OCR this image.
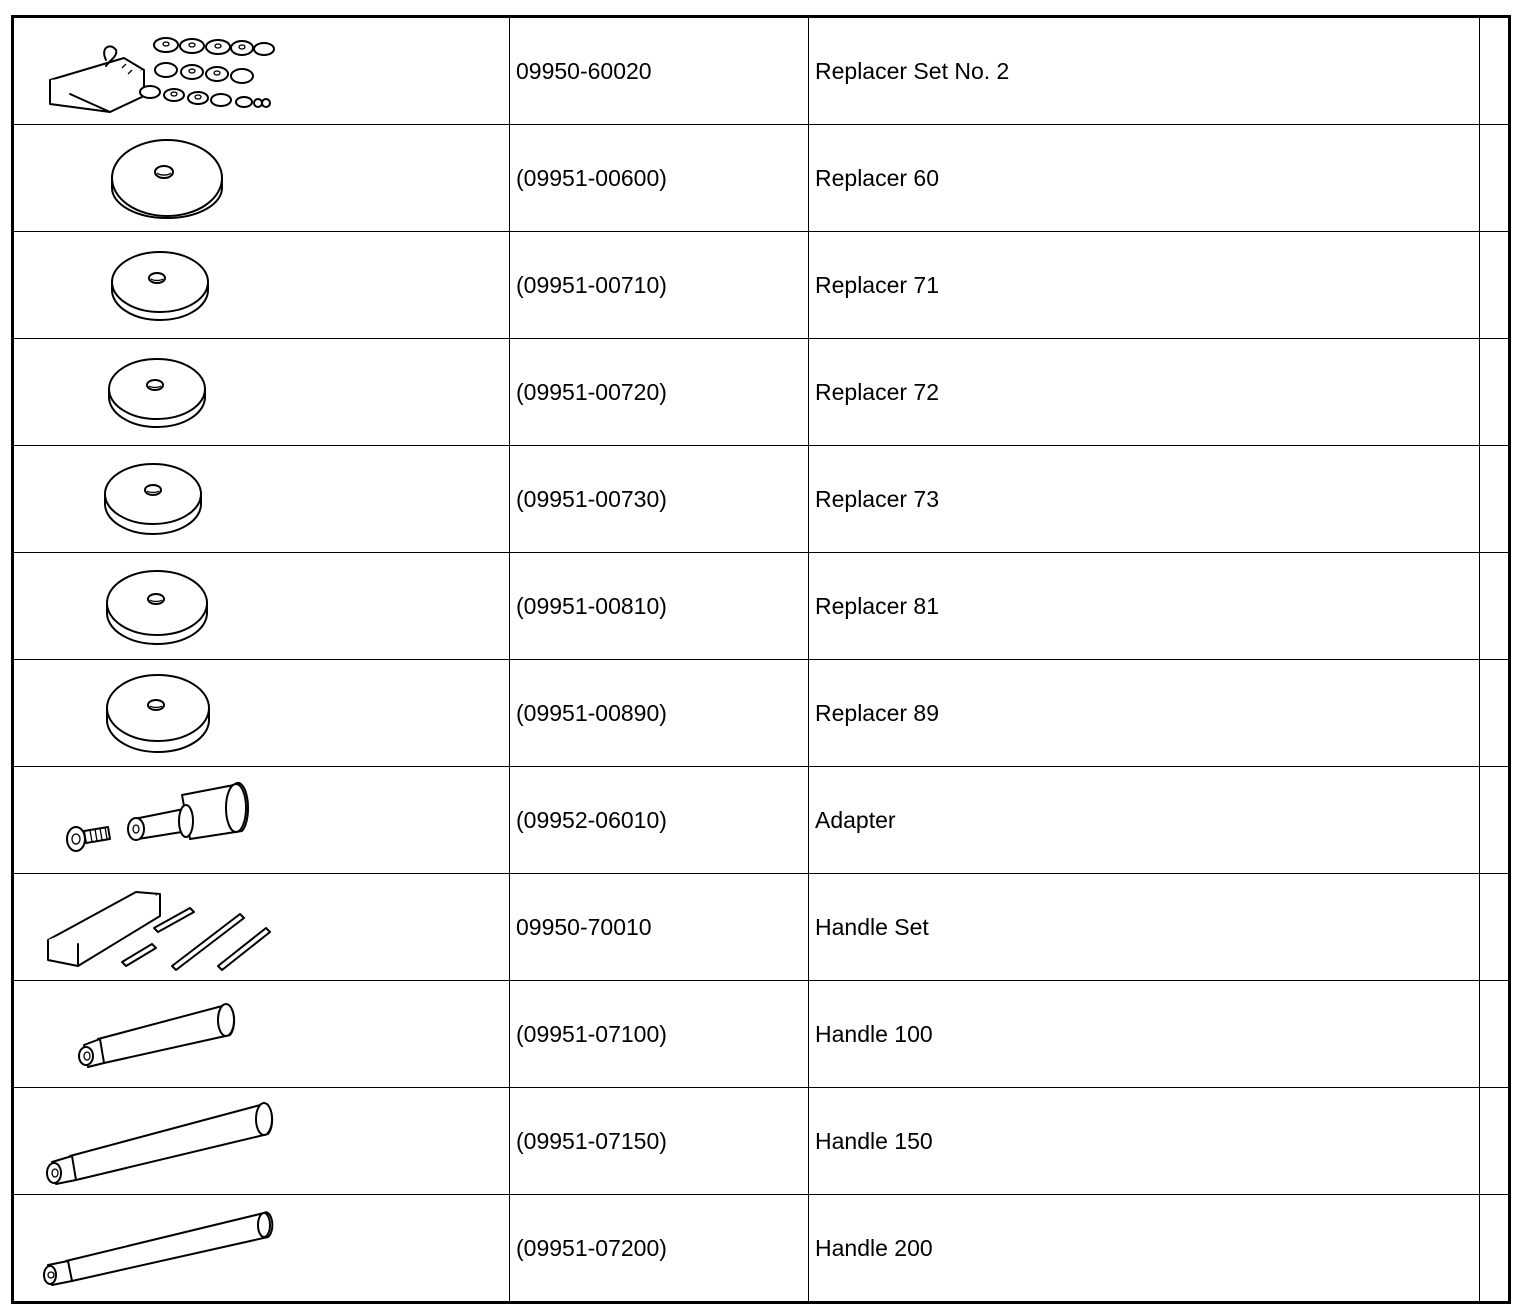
	09950-60020	Replacer Set No. 2	

	(09951-00600)	Replacer 60	

	(09951-00710)	Replacer 71	

	(09951-00720)	Replacer 72	

	(09951-00730)	Replacer 73	

	(09951-00810)	Replacer 81	

	(09951-00890)	Replacer 89	

	(09952-06010)	Adapter	

	09950-70010	Handle Set	

	(09951-07100)	Handle 100	

	(09951-07150)	Handle 150	

	(09951-07200)	Handle 200	
